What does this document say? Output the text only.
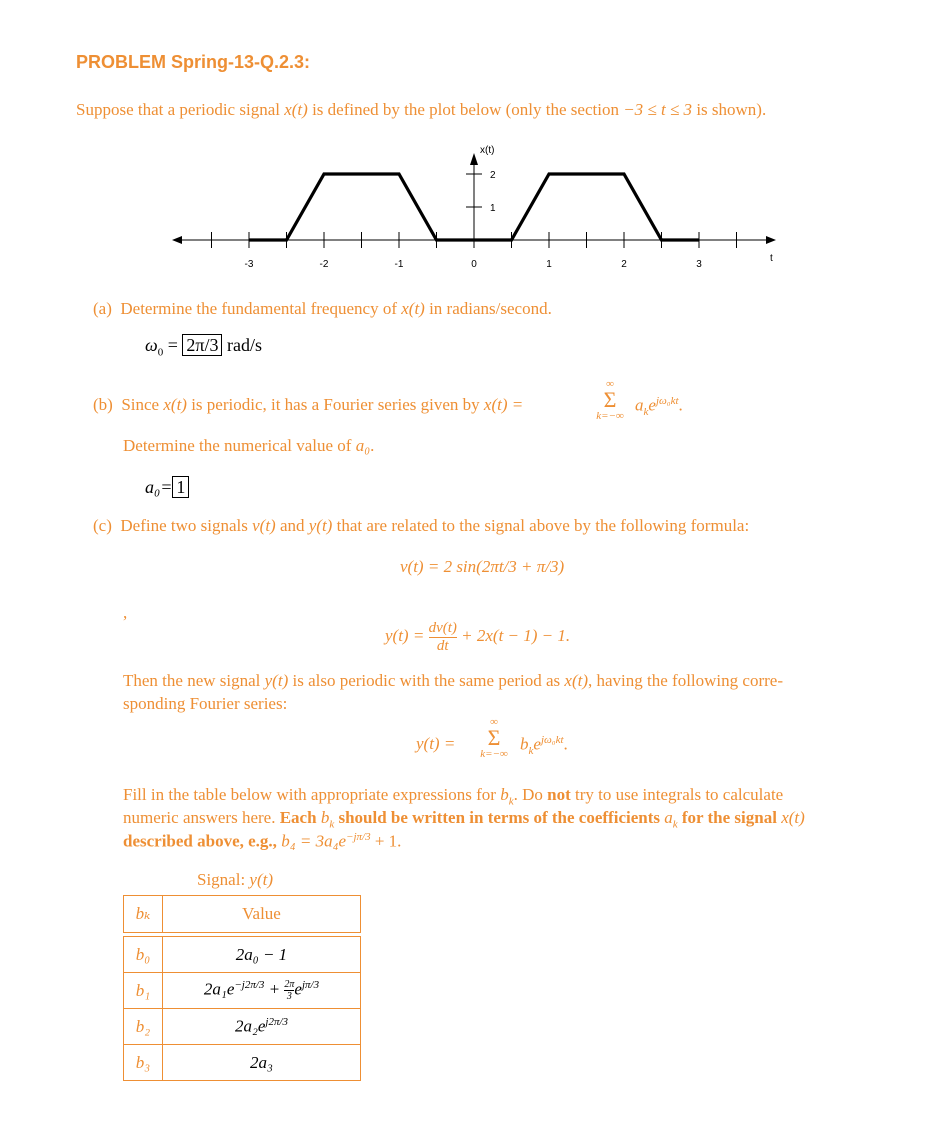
PROBLEM Spring-13-Q.2.3:
Suppose that a periodic signal x(t) is defined by the plot below (only the section −3 ≤ t ≤ 3 is shown).
-3	-2	-1	0	1	2	3
1
2
x(t)
t
(a) Determine the fundamental frequency of x(t) in radians/second.
$\omega_0 = 2\pi/3$ rad/s
(b) Since x(t) is periodic, it has a Fourier series given by x(t) =
∞
Σ
k=−∞
$a_ke^{j\omega_0kt}$.
Determine the numerical value of a₀.
a₀= 1
(c) Define two signals v(t) and y(t) that are related to the signal above by the following formula:
v(t) = 2 sin(2πt/3 + π/3)
,
$y(t) = \frac{dv(t)}{dt} + 2x(t - 1) - 1$.
Then the new signal y(t) is also periodic with the same period as x(t), having the following corre-
sponding Fourier series:
y(t) =
∞
Σ
k=−∞
$b_ke^{j\omega_0kt}$.
Fill in the table below with appropriate expressions for $b_k$. Do not try to use integrals to calculate
numeric answers here. Each $b_k$ should be written in terms of the coefficients $a_k$ for the signal x(t)
described above, e.g., $b_4 = 3a_4e^{-j\pi/3} + 1$.
Signal: y(t)
bₖ	Value

b₀	2a₀ − 1
b₁	$2a_1e^{-j2\pi/3} + \frac{2\pi}{3} e^{j\pi/3}$
b₂	$2a_2e^{j2\pi/3}$
b₃	2a₃
